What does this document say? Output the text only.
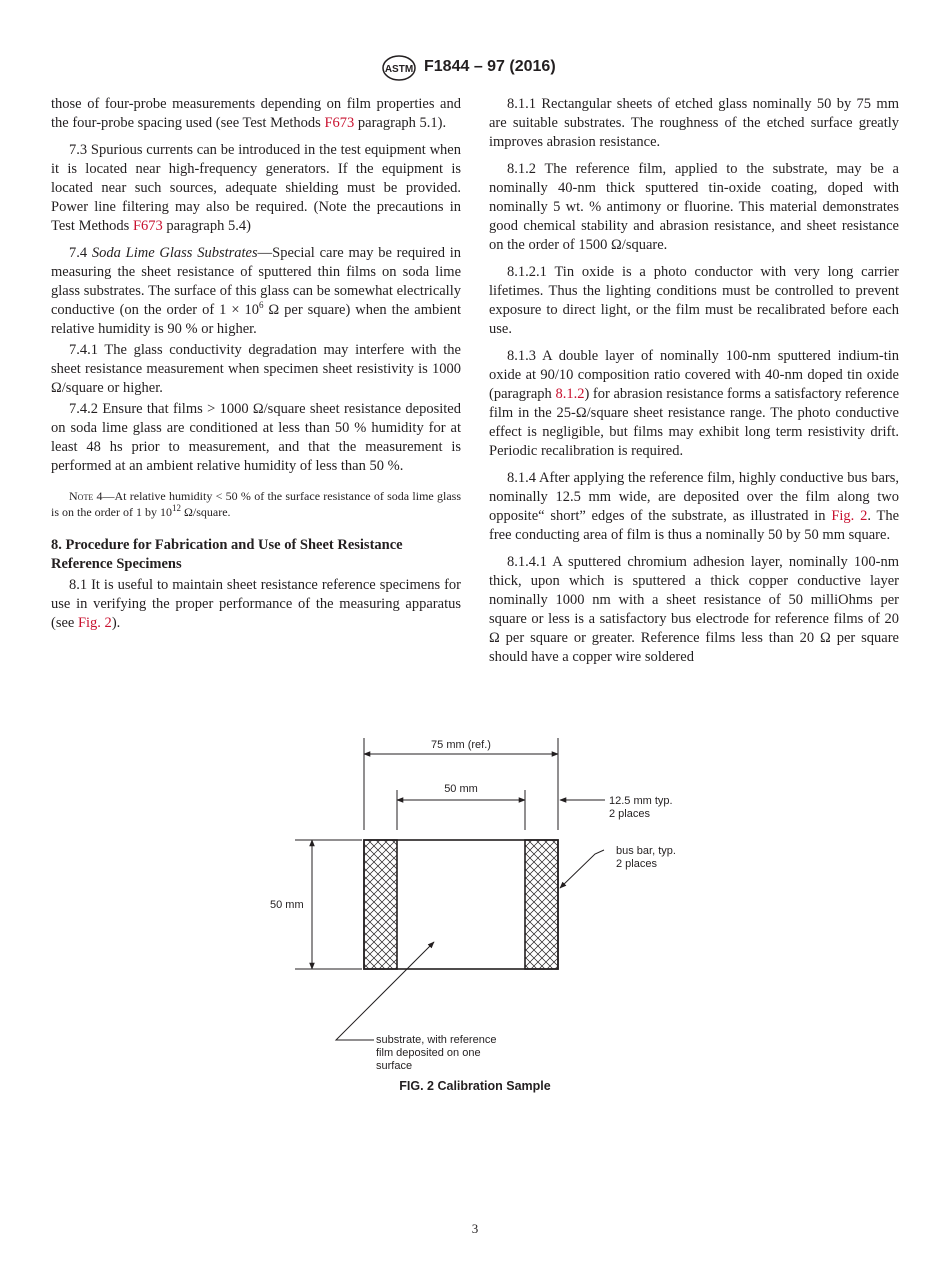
ASTM F1844 – 97 (2016)

those of four-probe measurements depending on film properties and the four-probe spacing used (see Test Methods F673 paragraph 5.1).

7.3 Spurious currents can be introduced in the test equipment when it is located near high-frequency generators. If the equipment is located near such sources, adequate shielding must be provided. Power line filtering may also be required. (Note the precautions in Test Methods F673 paragraph 5.4)

7.4 Soda Lime Glass Substrates—Special care may be required in measuring the sheet resistance of sputtered thin films on soda lime glass substrates. The surface of this glass can be somewhat electrically conductive (on the order of $1 \times 10^6$ Ω per square) when the ambient relative humidity is 90 % or higher.

7.4.1 The glass conductivity degradation may interfere with the sheet resistance measurement when specimen sheet resistivity is 1000 Ω/square or higher.

7.4.2 Ensure that films > 1000 Ω/square sheet resistance deposited on soda lime glass are conditioned at less than 50 % humidity for at least 48 hs prior to measurement, and that the measurement is performed at an ambient relative humidity of less than 50 %.

Note 4—At relative humidity < 50 % of the surface resistance of soda lime glass is on the order of 1 by $10^{12}$ Ω/square.
8. Procedure for Fabrication and Use of Sheet Resistance Reference Specimens

8.1 It is useful to maintain sheet resistance reference specimens for use in verifying the proper performance of the measuring apparatus (see Fig. 2).

8.1.1 Rectangular sheets of etched glass nominally 50 by 75 mm are suitable substrates. The roughness of the etched surface greatly improves abrasion resistance.

8.1.2 The reference film, applied to the substrate, may be a nominally 40-nm thick sputtered tin-oxide coating, doped with nominally 5 wt. % antimony or fluorine. This material demonstrates good chemical stability and abrasion resistance, and sheet resistance on the order of 1500 Ω/square.

8.1.2.1 Tin oxide is a photo conductor with very long carrier lifetimes. Thus the lighting conditions must be controlled to prevent exposure to direct light, or the film must be recalibrated before each use.

8.1.3 A double layer of nominally 100-nm sputtered indium-tin oxide at 90/10 composition ratio covered with 40-nm doped tin oxide (paragraph 8.1.2) for abrasion resistance forms a satisfactory reference film in the 25-Ω/square sheet resistance range. The photo conductive effect is negligible, but films may exhibit long term resistivity drift. Periodic recalibration is required.

8.1.4 After applying the reference film, highly conductive bus bars, nominally 12.5 mm wide, are deposited over the film along two opposite“ short” edges of the substrate, as illustrated in Fig. 2. The free conducting area of film is thus a nominally 50 by 50 mm square.

8.1.4.1 A sputtered chromium adhesion layer, nominally 100-nm thick, upon which is sputtered a thick copper conductive layer nominally 1000 nm with a sheet resistance of 50 milliOhms per square or less is a satisfactory bus electrode for reference films of 20 Ω per square or greater. Reference films less than 20 Ω per square should have a copper wire soldered

75 mm (ref.)
50 mm
12.5 mm typ.
2 places
bus bar, typ.
2 places
50 mm
substrate, with reference
film deposited on one
surface
FIG. 2 Calibration Sample
3
